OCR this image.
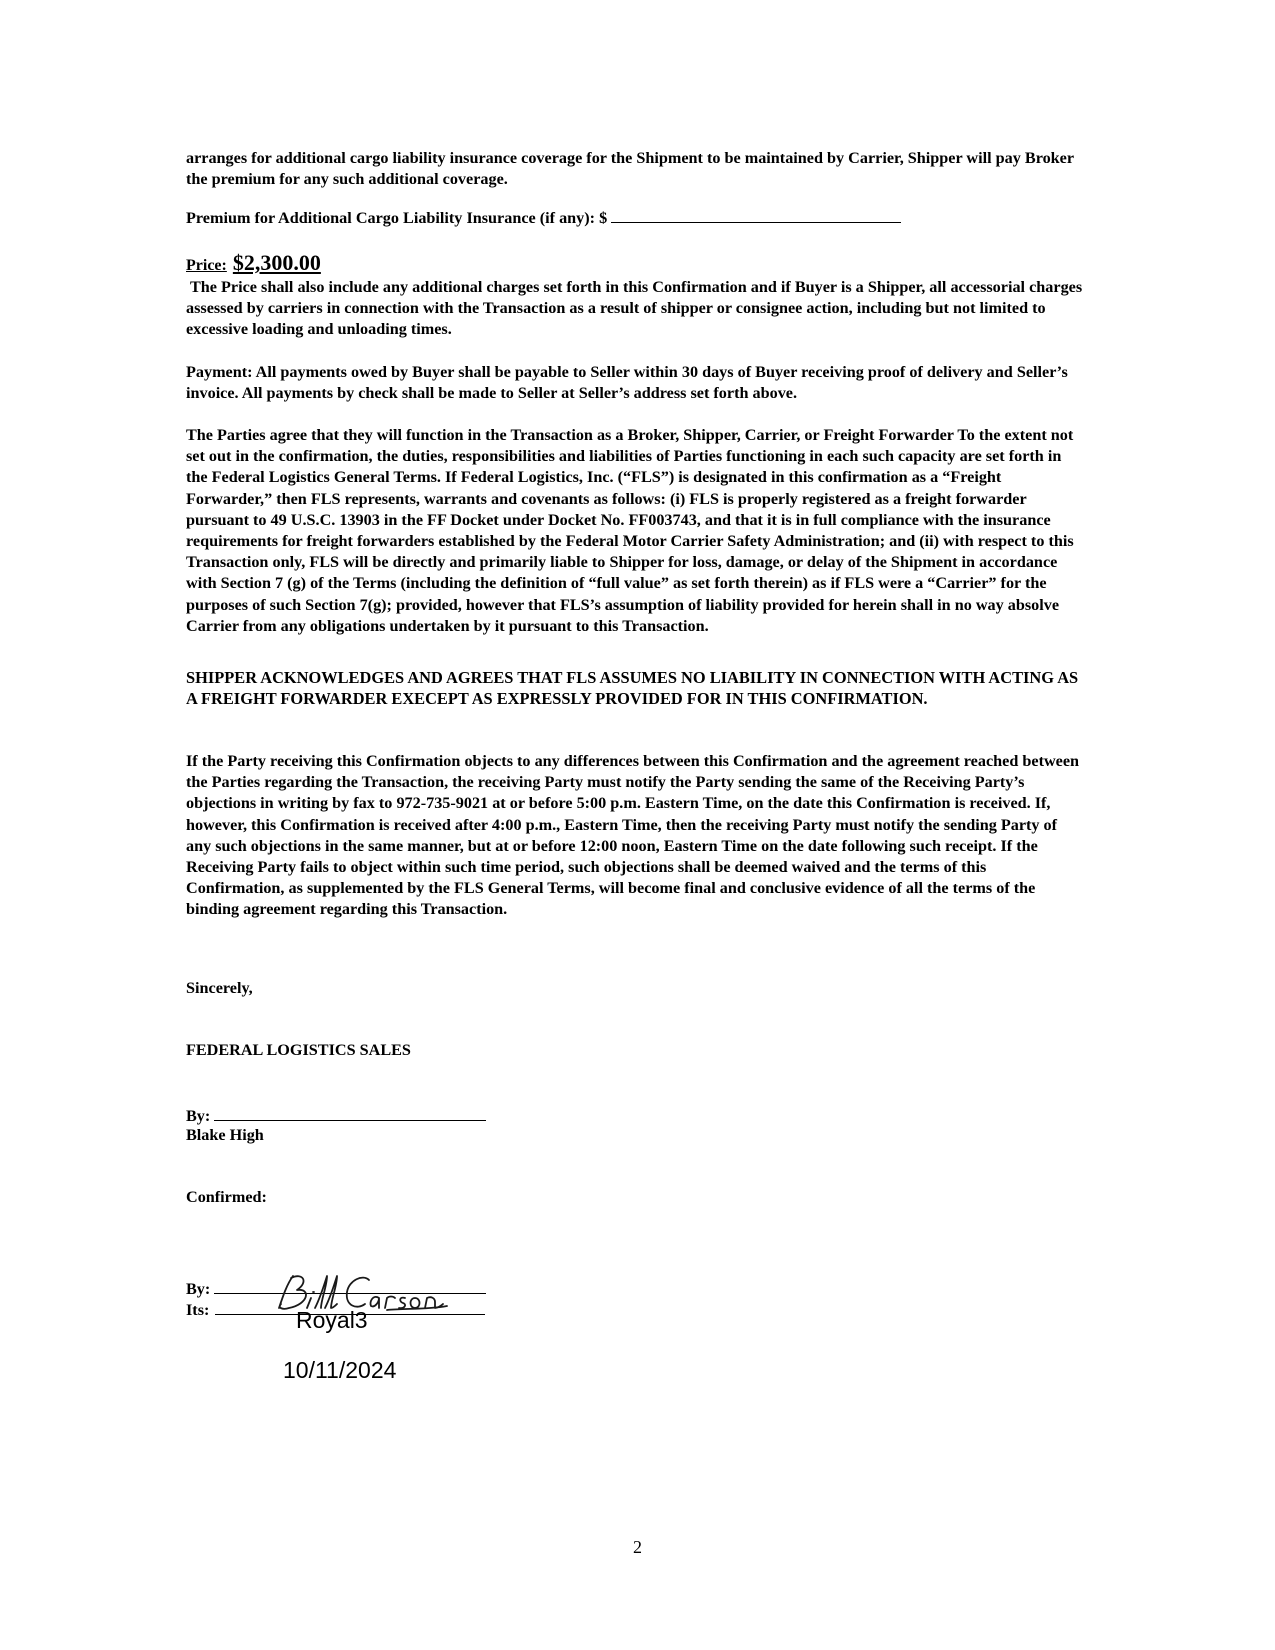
arranges for additional cargo liability insurance coverage for the Shipment to be maintained by Carrier, Shipper will pay Broker the premium for any such additional coverage.

Premium for Additional Cargo Liability Insurance (if any): $

Price: $2,300.00

The Price shall also include any additional charges set forth in this Confirmation and if Buyer is a Shipper, all accessorial charges assessed by carriers in connection with the Transaction as a result of shipper or consignee action, including but not limited to excessive loading and unloading times.

Payment: All payments owed by Buyer shall be payable to Seller within 30 days of Buyer receiving proof of delivery and Seller’s invoice. All payments by check shall be made to Seller at Seller’s address set forth above.

The Parties agree that they will function in the Transaction as a Broker, Shipper, Carrier, or Freight Forwarder To the extent not set out in the confirmation, the duties, responsibilities and liabilities of Parties functioning in each such capacity are set forth in the Federal Logistics General Terms. If Federal Logistics, Inc. (“FLS”) is designated in this confirmation as a “Freight Forwarder,” then FLS represents, warrants and covenants as follows: (i) FLS is properly registered as a freight forwarder pursuant to 49 U.S.C. 13903 in the FF Docket under Docket No. FF003743, and that it is in full compliance with the insurance requirements for freight forwarders established by the Federal Motor Carrier Safety Administration; and (ii) with respect to this Transaction only, FLS will be directly and primarily liable to Shipper for loss, damage, or delay of the Shipment in accordance with Section 7 (g) of the Terms (including the definition of “full value” as set forth therein) as if FLS were a “Carrier” for the purposes of such Section 7(g); provided, however that FLS’s assumption of liability provided for herein shall in no way absolve Carrier from any obligations undertaken by it pursuant to this Transaction.

SHIPPER ACKNOWLEDGES AND AGREES THAT FLS ASSUMES NO LIABILITY IN CONNECTION WITH ACTING AS A FREIGHT FORWARDER EXECEPT AS EXPRESSLY PROVIDED FOR IN THIS CONFIRMATION.

If the Party receiving this Confirmation objects to any differences between this Confirmation and the agreement reached between the Parties regarding the Transaction, the receiving Party must notify the Party sending the same of the Receiving Party’s objections in writing by fax to 972-735-9021 at or before 5:00 p.m. Eastern Time, on the date this Confirmation is received. If, however, this Confirmation is received after 4:00 p.m., Eastern Time, then the receiving Party must notify the sending Party of any such objections in the same manner, but at or before 12:00 noon, Eastern Time on the date following such receipt. If the Receiving Party fails to object within such time period, such objections shall be deemed waived and the terms of this Confirmation, as supplemented by the FLS General Terms, will become final and conclusive evidence of all the terms of the binding agreement regarding this Transaction.

Sincerely,

FEDERAL LOGISTICS SALES

By:

Blake High

Confirmed:

By:

Its:	Royal3
10/11/2024
2
